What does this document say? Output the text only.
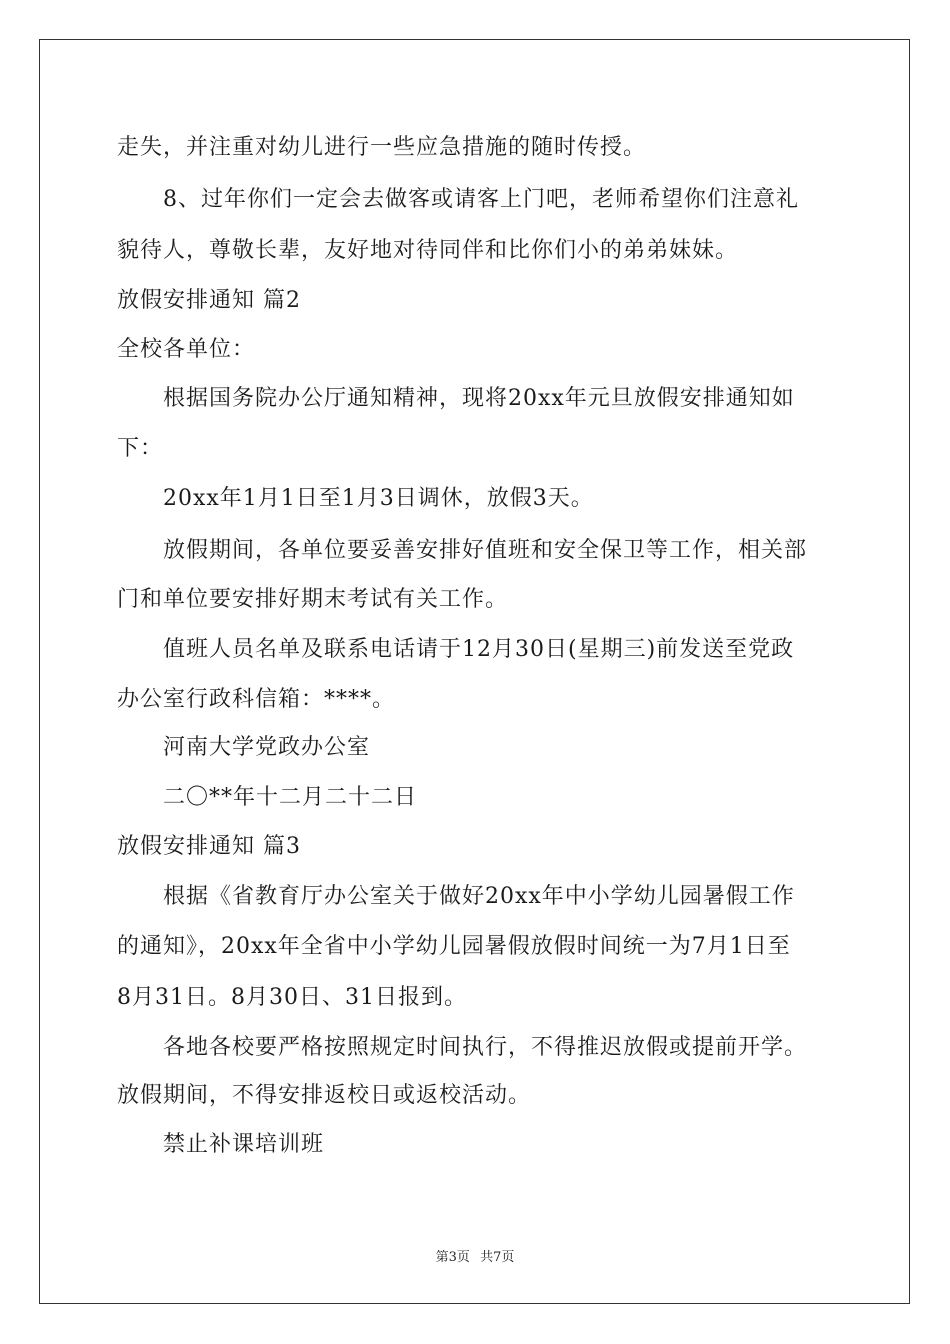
走失，并注重对幼儿进行一些应急措施的随时传授。
8、过年你们一定会去做客或请客上门吧，老师希望你们注意礼
貌待人，尊敬长辈，友好地对待同伴和比你们小的弟弟妹妹。
放假安排通知 篇2
全校各单位：
根据国务院办公厅通知精神，现将20xx年元旦放假安排通知如
下：
20xx年1月1日至1月3日调休，放假3天。
放假期间，各单位要妥善安排好值班和安全保卫等工作，相关部
门和单位要安排好期末考试有关工作。
值班人员名单及联系电话请于12月30日(星期三)前发送至党政
办公室行政科信箱：****。
河南大学党政办公室
二〇**年十二月二十二日
放假安排通知 篇3
根据《省教育厅办公室关于做好20xx年中小学幼儿园暑假工作
的通知》，20xx年全省中小学幼儿园暑假放假时间统一为7月1日至
8月31日。8月30日、31日报到。
各地各校要严格按照规定时间执行，不得推迟放假或提前开学。
放假期间，不得安排返校日或返校活动。
禁止补课培训班
第3页 共7页
